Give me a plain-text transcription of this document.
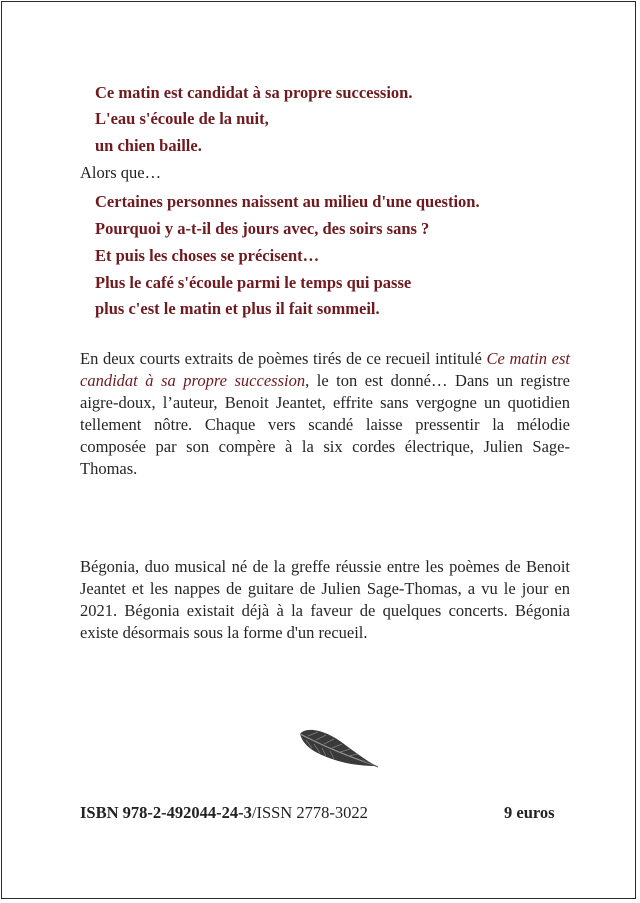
Ce matin est candidat à sa propre succession.
L'eau s'écoule de la nuit,
un chien baille.
Alors que…
Certaines personnes naissent au milieu d'une question.
Pourquoi y a-t-il des jours avec, des soirs sans ?
Et puis les choses se précisent…
Plus le café s'écoule parmi le temps qui passe
plus c'est le matin et plus il fait sommeil.

En deux courts extraits de poèmes tirés de ce recueil intitulé Ce matin est candidat à sa propre succession, le ton est donné… Dans un registre aigre-doux, l’auteur, Benoit Jeantet, effrite sans vergogne un quotidien tellement nôtre. Chaque vers scandé laisse pressentir la mélodie composée par son compère à la six cordes électrique, Julien Sage-Thomas.

Bégonia, duo musical né de la greffe réussie entre les poèmes de Benoit Jeantet et les nappes de guitare de Julien Sage-Thomas, a vu le jour en 2021. Bégonia existait déjà à la faveur de quelques concerts. Bégonia existe désormais sous la forme d'un recueil.

ISBN 978-2-492044-24-3/ISSN 2778-3022	9 euros
